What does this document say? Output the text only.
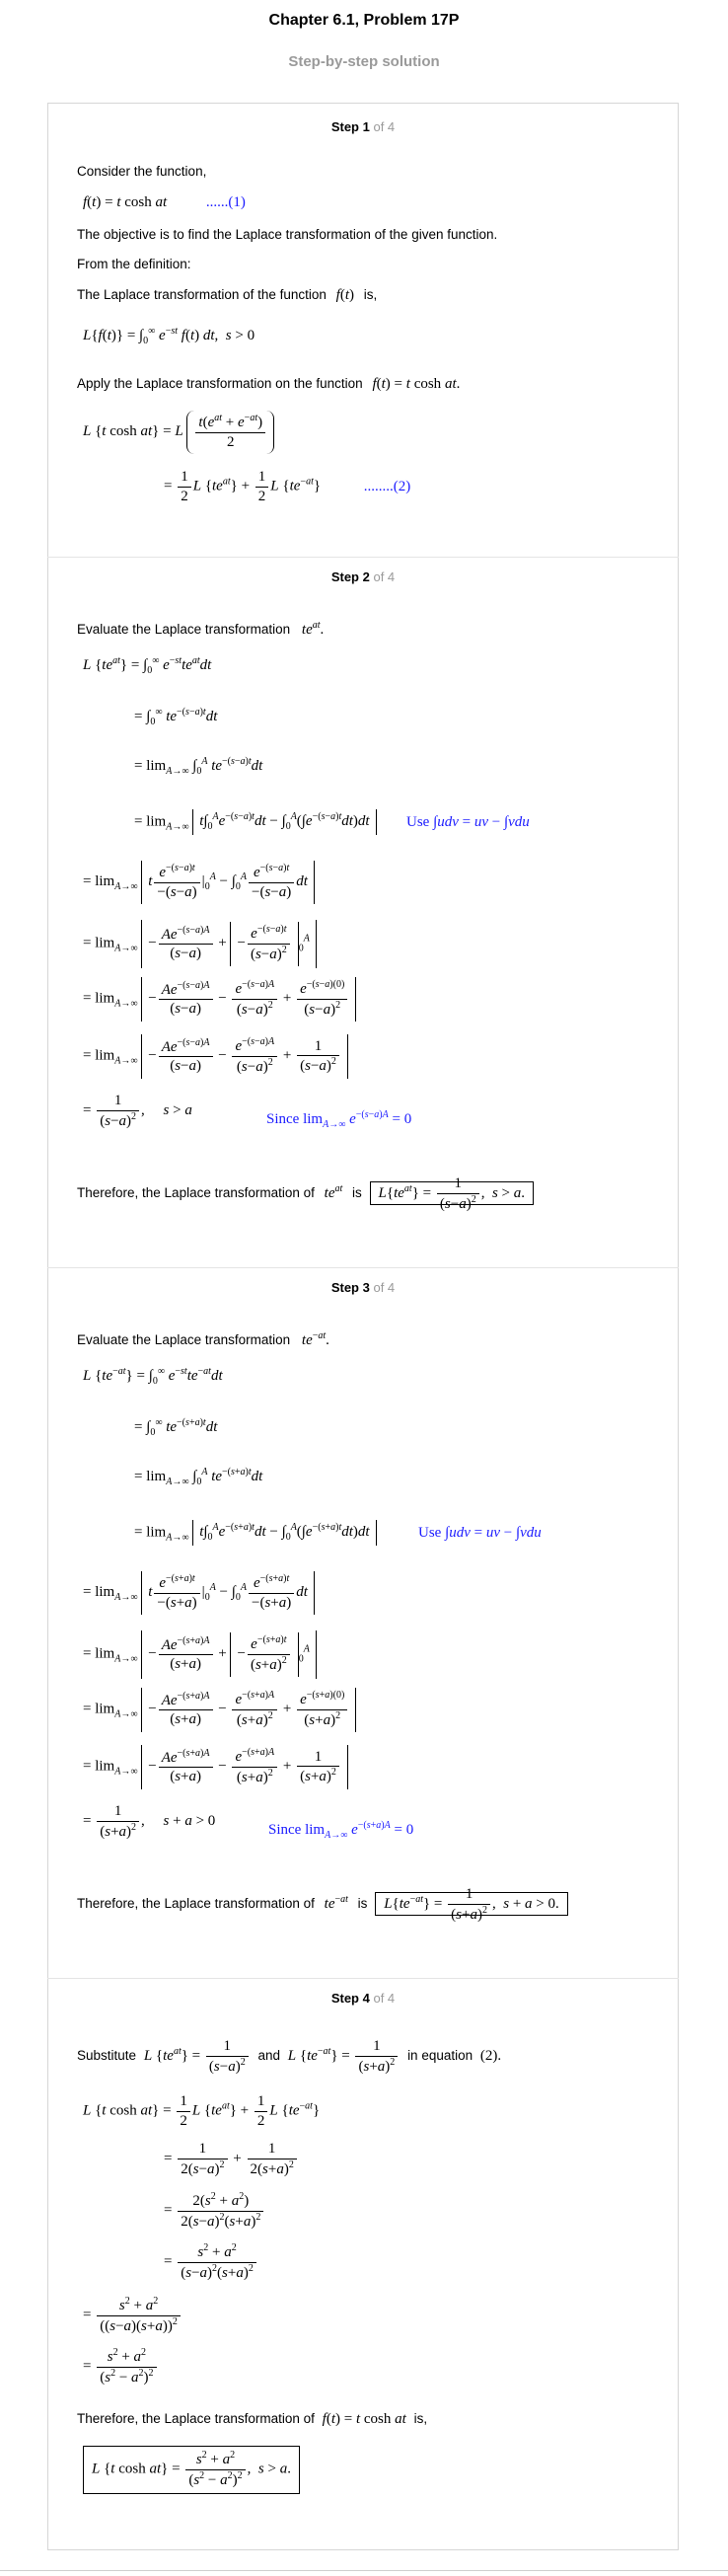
Chapter 6.1, Problem 17P
Step-by-step solution
Step 1 of 4
Consider the function,
f(t) = t cosh at	......(1)
The objective is to find the Laplace transformation of the given function.
From the definition:
The Laplace transformation of the function f(t) is,
$L\{f(t)\} = \int_0^\infty$ $e^{-st}$ f(t) dt,  s > 0
Apply the Laplace transformation on the function f(t) = t cosh at.
L {t cosh at} = L $\frac{t(e^{at} + e^{-at})}{2}$
= $\frac{1}{2}$ L $\{te^{at}\} + \frac{1}{2}$ L $\{te^{-at}\}$	........(2)
Step 2 of 4
Evaluate the Laplace transformation $te^{at}$.
L $\{te^{at}\} = \int_0^\infty$ $e^{-st}te^{at}dt$
= $\int_0^\infty$ $te^{-(s-a)t}dt$
= $\lim_{A\to\infty} \int_0^A$ $te^{-(s-a)t}dt$
= $\lim_{A\to\infty} t\int_0^Ae^{-(s-a)t}dt - \int_0^A(\int e^{-(s-a)t}dt)dt$	Use ∫udv = uv − ∫vdu
= $\lim_{A\to\infty} t \frac{e^{-(s-a)t}}{-(s-a)} |_0^A - \int_0^A \frac{e^{-(s-a)t}}{-(s-a)}$ dt
= $\lim_{A\to\infty} - \frac{Ae^{-(s-a)A}}{(s-a)}$ + − $\frac{e^{-(s-a)t}}{(s-a)^2} _0^A$
= $\lim_{A\to\infty} - \frac{Ae^{-(s-a)A}}{(s-a)} - \frac{e^{-(s-a)A}}{(s-a)^2} + \frac{e^{-(s-a)(0)}}{(s-a)^2}$
= $\lim_{A\to\infty} - \frac{Ae^{-(s-a)A}}{(s-a)} - \frac{e^{-(s-a)A}}{(s-a)^2} + \frac{1}{(s-a)^2}$
= $\frac{1}{(s-a)^2}$ ,     s > a
Since $\lim_{A\to\infty} e^{-(s-a)A} = 0$
Therefore, the Laplace transformation of $te^{at}$ is $L\{te^{at}\} = \frac{1}{(s-a)^2}$ ,  s > a.
Step 3 of 4
Evaluate the Laplace transformation $te^{-at}$.
L $\{te^{-at}\} = \int_0^\infty$ $e^{-st}te^{-at}dt$
= $\int_0^\infty$ $te^{-(s+a)t}dt$
= $\lim_{A\to\infty} \int_0^A$ $te^{-(s+a)t}dt$
= $\lim_{A\to\infty} t\int_0^Ae^{-(s+a)t}dt - \int_0^A(\int e^{-(s+a)t}dt)dt$	Use ∫udv = uv − ∫vdu
= $\lim_{A\to\infty} t \frac{e^{-(s+a)t}}{-(s+a)} |_0^A - \int_0^A \frac{e^{-(s+a)t}}{-(s+a)}$ dt
= $\lim_{A\to\infty} - \frac{Ae^{-(s+a)A}}{(s+a)}$ + − $\frac{e^{-(s+a)t}}{(s+a)^2} _0^A$
= $\lim_{A\to\infty} - \frac{Ae^{-(s+a)A}}{(s+a)} - \frac{e^{-(s+a)A}}{(s+a)^2} + \frac{e^{-(s+a)(0)}}{(s+a)^2}$
= $\lim_{A\to\infty} - \frac{Ae^{-(s+a)A}}{(s+a)} - \frac{e^{-(s+a)A}}{(s+a)^2} + \frac{1}{(s+a)^2}$
= $\frac{1}{(s+a)^2}$ ,     s + a > 0
Since $\lim_{A\to\infty} e^{-(s+a)A} = 0$
Therefore, the Laplace transformation of $te^{-at}$ is $L\{te^{-at}\} = \frac{1}{(s+a)^2}$ ,  s + a > 0.
Step 4 of 4
Substitute L $\{te^{at}\} = \frac{1}{(s-a)^2}$ and L $\{te^{-at}\} = \frac{1}{(s+a)^2}$ in equation (2).
L {t $\cosh at\} = \frac{1}{2}$ L $\{te^{at}\} + \frac{1}{2}$ L $\{te^{-at}\}$
= $\frac{1}{2(s-a)^2} + \frac{1}{2(s+a)^2}$
= $\frac{2(s^2 + a^2)}{2(s-a)^2(s+a)^2}$
= $\frac{s^2 + a^2}{(s-a)^2(s+a)^2}$
= $\frac{s^2 + a^2}{((s-a)(s+a))^2}$
= $\frac{s^2 + a^2}{(s^2 - a^2)^2}$
Therefore, the Laplace transformation of f(t) = t cosh at is,
L {t $\cosh at\} = \frac{s^2 + a^2}{(s^2 - a^2)^2}$ ,  s > a.
